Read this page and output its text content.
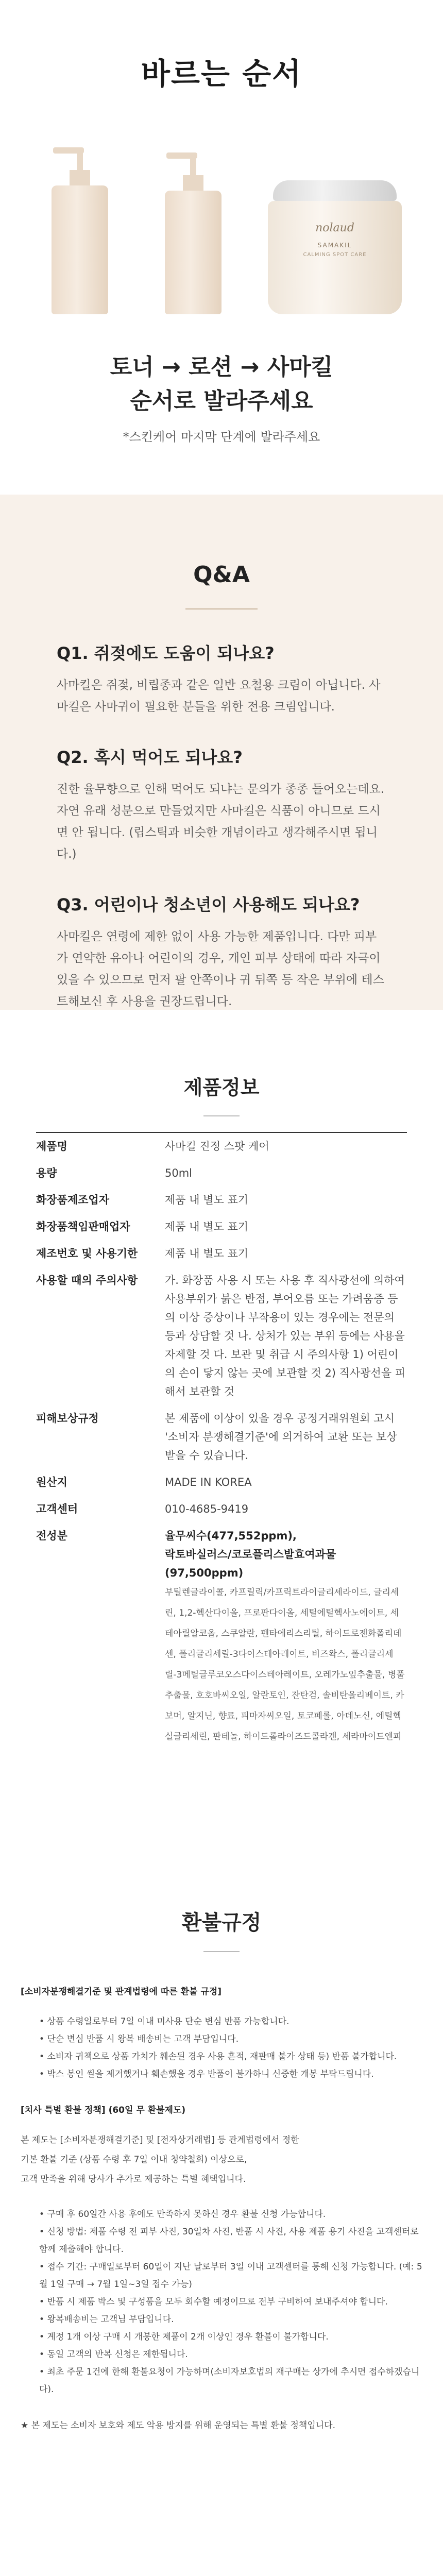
바르는 순서
nolaud
SAMAKIL
CALMING SPOT CARE
토너 → 로션 → 사마킬
순서로 발라주세요
*스킨케어 마지막 단계에 발라주세요
Q&A
Q1. 쥐젖에도 도움이 되나요?
사마킬은 쥐젖, 비립종과 같은 일반 요철용 크림이 아닙니다. 사마킬은 사마귀이 필요한 분들을 위한 전용 크림입니다.
Q2. 혹시 먹어도 되나요?
진한 율무향으로 인해 먹어도 되냐는 문의가 종종 들어오는데요. 자연 유래 성분으로 만들었지만 사마킬은 식품이 아니므로 드시면 안 됩니다. (립스틱과 비슷한 개념이라고 생각해주시면 됩니다.)
Q3. 어린이나 청소년이 사용해도 되나요?
사마킬은 연령에 제한 없이 사용 가능한 제품입니다. 다만 피부가 연약한 유아나 어린이의 경우, 개인 피부 상태에 따라 자극이 있을 수 있으므로 먼저 팔 안쪽이나 귀 뒤쪽 등 작은 부위에 테스트해보신 후 사용을 권장드립니다.
제품정보
제품명	사마킬 진정 스팟 케어
용량	50ml
화장품제조업자	제품 내 별도 표기
화장품책임판매업자	제품 내 별도 표기
제조번호 및 사용기한	제품 내 별도 표기
사용할 때의 주의사항	가. 화장품 사용 시 또는 사용 후 직사광선에 의하여 사용부위가 붉은 반점, 부어오름 또는 가려움증 등의 이상 증상이나 부작용이 있는 경우에는 전문의 등과 상담할 것 나. 상처가 있는 부위 등에는 사용을 자제할 것 다. 보관 및 취급 시 주의사항 1) 어린이의 손이 닿지 않는 곳에 보관할 것 2) 직사광선을 피해서 보관할 것
피해보상규정	본 제품에 이상이 있을 경우 공정거래위원회 고시 '소비자 분쟁해결기준'에 의거하여 교환 또는 보상 받을 수 있습니다.
원산지	MADE IN KOREA
고객센터	010-4685-9419
전성분	율무씨수(477,552ppm),
락토바실러스/코로플리스발효여과물(97,500ppm)
부틸렌글라이콜, 카프릴릭/카프릭트라이글리세라이드, 글리세린, 1,2-헥산다이올, 프로판다이올, 세틸에틸헥사노에이트, 세테아릴알코올, 스쿠알란, 펜타에리스리틸, 하이드로젠화폴리데센, 폴리글리세릴-3다이스테아레이트, 비즈왁스, 폴리글리세릴-3메틸글루코오스다이스테아레이트, 오레가노잎추출물, 병풀추출물, 호호바씨오일, 알란토인, 잔탄검, 솔비탄올리베이트, 카보머, 알지닌, 향료, 피마자씨오일, 토코페롤, 아데노신, 에틸헥실글리세린, 판테놀, 하이드롤라이즈드콜라겐, 세라마이드엔피
환불규정
[소비자분쟁해결기준 및 관계법령에 따른 환불 규정]
• 상품 수령일로부터 7일 이내 미사용 단순 변심 반품 가능합니다.
• 단순 변심 반품 시 왕복 배송비는 고객 부담입니다.
• 소비자 귀책으로 상품 가치가 훼손된 경우 사용 흔적, 재판매 불가 상태 등) 반품 불가합니다.
• 박스 봉인 씰을 제거했거나 훼손했을 경우 반품이 불가하니 신중한 개봉 부탁드립니다.
[치사 특별 환불 정책] (60일 무 환불제도)

본 제도는 [소비자분쟁해결기준] 및 [전자상거래법] 등 관계법령에서 정한

기본 환불 기준 (상품 수령 후 7일 이내 청약철회) 이상으로,

고객 만족을 위해 당사가 추가로 제공하는 특별 혜택입니다.

• 구매 후 60일간 사용 후에도 만족하지 못하신 경우 환불 신청 가능합니다.
• 신청 방법: 제품 수령 전 피부 사진, 30일차 사진, 반품 시 사진, 사용 제품 용기 사진을 고객센터로 함께 제출해야 합니다.
• 접수 기간: 구매일로부터 60일이 지난 날로부터 3일 이내 고객센터를 통해 신청 가능합니다. (예: 5월 1일 구매 → 7월 1일~3일 접수 가능)
• 반품 시 제품 박스 및 구성품을 모두 회수할 예정이므로 전부 구비하여 보내주셔야 합니다.
• 왕복배송비는 고객님 부담입니다.
• 계정 1개 이상 구매 시 개봉한 제품이 2개 이상인 경우 환불이 불가합니다.
• 동일 고객의 반복 신청은 제한됩니다.
• 최초 주문 1건에 한해 환불요청이 가능하며(소비자보호법의 재구매는 상가에 추시면 접수하겠습니다).

★ 본 제도는 소비자 보호와 제도 악용 방지를 위해 운영되는 특별 환불 정책입니다.
